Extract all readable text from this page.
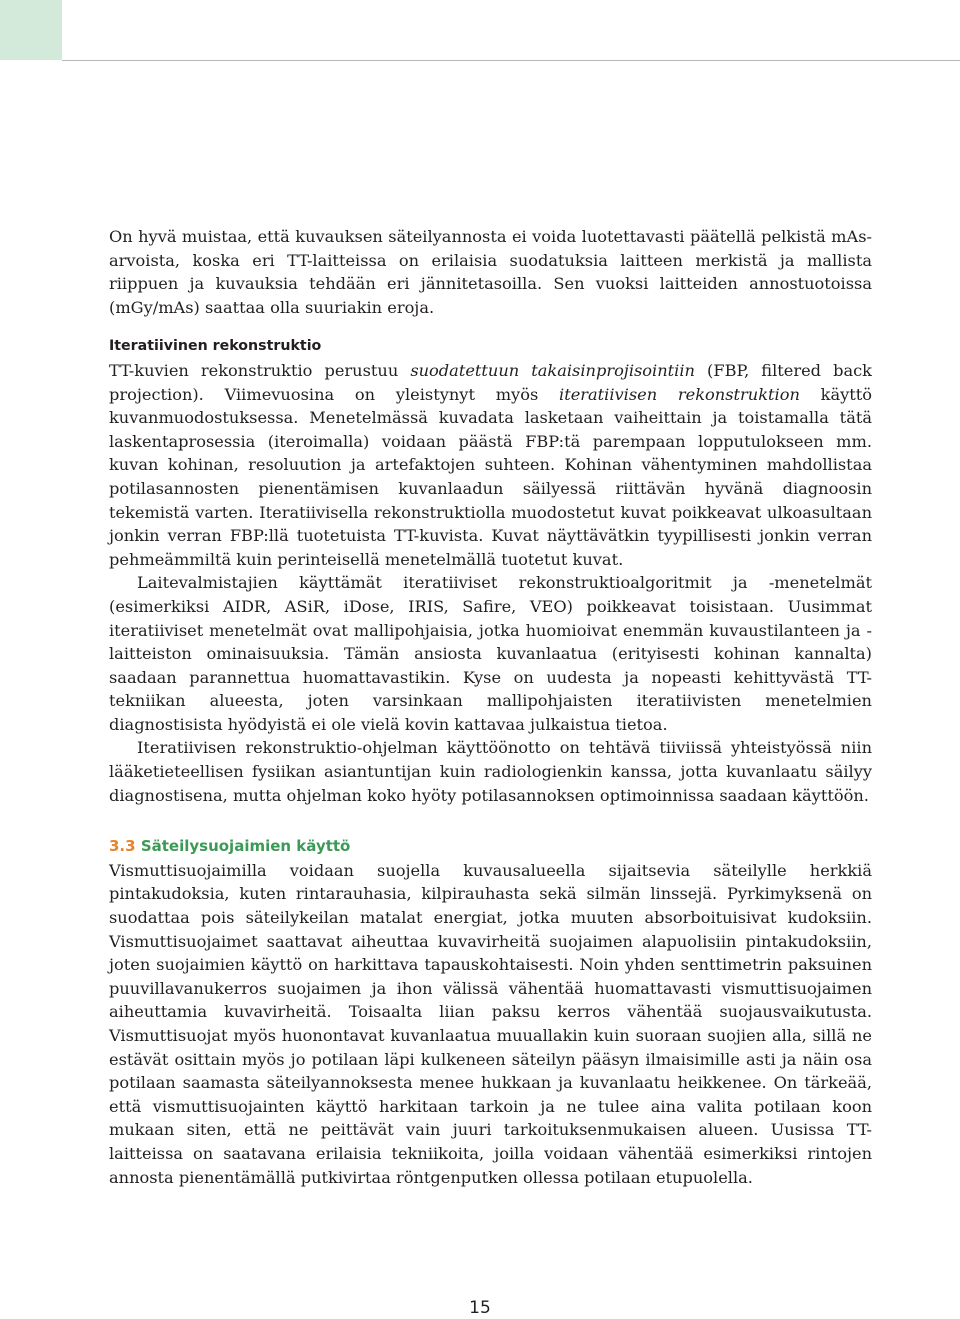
On hyvä muistaa, että kuvauksen säteilyannosta ei voida luotettavasti päätellä pelkistä mAs-arvoista, koska eri TT-laitteissa on erilaisia suodatuksia laitteen merkistä ja mallista riippuen ja kuvauksia tehdään eri jännitetasoilla. Sen vuoksi laitteiden annostuotoissa (mGy/mAs) saattaa olla suuriakin eroja.

Iteratiivinen rekonstruktio

TT-kuvien rekonstruktio perustuu suodatettuun takaisinprojisointiin (FBP, filtered back projection). Viimevuosina on yleistynyt myös iteratiivisen rekonstruktion käyttö kuvanmuodostuksessa. Menetelmässä kuvadata lasketaan vaiheittain ja toistamalla tätä laskentaprosessia (iteroimalla) voidaan päästä FBP:tä parempaan lopputulokseen mm. kuvan kohinan, resoluution ja artefaktojen suhteen. Kohinan vähentyminen mahdollistaa potilasannosten pienentämisen kuvanlaadun säilyessä riittävän hyvänä diagnoosin tekemistä varten. Iteratiivisella rekonstruktiolla muodostetut kuvat poikkeavat ulkoasultaan jonkin verran FBP:llä tuotetuista TT-kuvista. Kuvat näyttävätkin tyypillisesti jonkin verran pehmeämmiltä kuin perinteisellä menetelmällä tuotetut kuvat.

Laitevalmistajien käyttämät iteratiiviset rekonstruktioalgoritmit ja -menetelmät (esimerkiksi AIDR, ASiR, iDose, IRIS, Safire, VEO) poikkeavat toisistaan. Uusimmat iteratiiviset menetelmät ovat mallipohjaisia, jotka huomioivat enemmän kuvaustilanteen ja -laitteiston ominaisuuksia. Tämän ansiosta kuvanlaatua (erityisesti kohinan kannalta) saadaan parannettua huomattavastikin. Kyse on uudesta ja nopeasti kehittyvästä TT-tekniikan alueesta, joten varsinkaan mallipohjaisten iteratiivisten menetelmien diagnostisista hyödyistä ei ole vielä kovin kattavaa julkaistua tietoa.

Iteratiivisen rekonstruktio-ohjelman käyttöönotto on tehtävä tiiviissä yhteistyössä niin lääketieteellisen fysiikan asiantuntijan kuin radiologienkin kanssa, jotta kuvanlaatu säilyy diagnostisena, mutta ohjelman koko hyöty potilasannoksen optimoinnissa saadaan käyttöön.

3.3 Säteilysuojaimien käyttö

Vismuttisuojaimilla voidaan suojella kuvausalueella sijaitsevia säteilylle herkkiä pintakudoksia, kuten rintarauhasia, kilpirauhasta sekä silmän linssejä. Pyrkimyksenä on suodattaa pois säteilykeilan matalat energiat, jotka muuten absorboituisivat kudoksiin. Vismuttisuojaimet saattavat aiheuttaa kuvavirheitä suojaimen alapuolisiin pintakudoksiin, joten suojaimien käyttö on harkittava tapauskohtaisesti. Noin yhden senttimetrin paksuinen puuvillavanukerros suojaimen ja ihon välissä vähentää huomattavasti vismuttisuojaimen aiheuttamia kuvavirheitä. Toisaalta liian paksu kerros vähentää suojausvaikutusta. Vismuttisuojat myös huonontavat kuvanlaatua muuallakin kuin suoraan suojien alla, sillä ne estävät osittain myös jo potilaan läpi kulkeneen säteilyn pääsyn ilmaisimille asti ja näin osa potilaan saamasta säteilyannoksesta menee hukkaan ja kuvanlaatu heikkenee. On tärkeää, että vismuttisuojainten käyttö harkitaan tarkoin ja ne tulee aina valita potilaan koon mukaan siten, että ne peittävät vain juuri tarkoituksenmukaisen alueen. Uusissa TT-laitteissa on saatavana erilaisia tekniikoita, joilla voidaan vähentää esimerkiksi rintojen annosta pienentämällä putkivirtaa röntgenputken ollessa potilaan etupuolella.

15
